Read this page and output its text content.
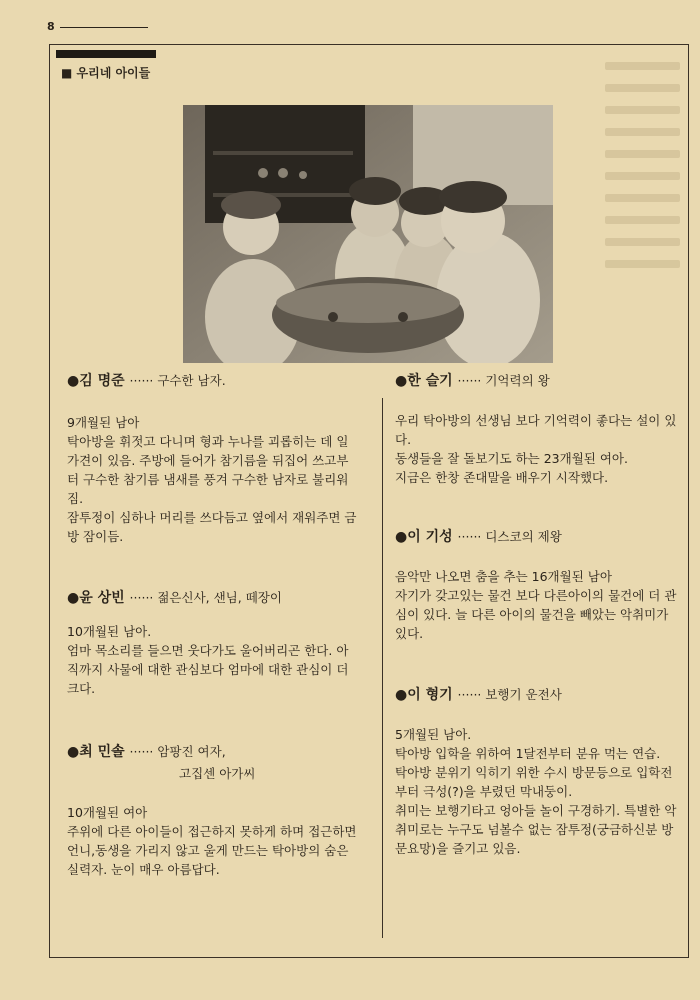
8
■ 우리네 아이들

●김 명준 ······ 구수한 남자.

9개월된 남아

탁아방을 휘젓고 다니며 형과 누나를 괴롭히는 데 일가견이 있음. 주방에 들어가 참기름을 뒤집어 쓰고부터 구수한 참기름 냄새를 풍겨 구수한 남자로 불리워짐.

잠투정이 심하나 머리를 쓰다듬고 옆에서 재워주면 금방 잠이듬.

●윤 상빈 ······ 젊은신사, 샌님, 떼장이

10개월된 남아.

엄마 목소리를 들으면 웃다가도 울어버리곤 한다. 아직까지 사물에 대한 관심보다 엄마에 대한 관심이 더 크다.

●최 민솔 ······ 암팡진 여자,
고집센 아가씨

10개월된 여아

주위에 다른 아이들이 접근하지 못하게 하며 접근하면 언니,동생을 가리지 않고 울게 만드는 탁아방의 숨은 실력자. 눈이 매우 아름답다.

●한 슬기 ······ 기억력의 왕

우리 탁아방의 선생님 보다 기억력이 좋다는 설이 있다.

동생들을 잘 돌보기도 하는 23개월된 여아.

지금은 한창 존대말을 배우기 시작했다.

●이 기성 ······ 디스코의 제왕

음악만 나오면 춤을 추는 16개월된 남아

자기가 갖고있는 물건 보다 다른아이의 물건에 더 관심이 있다. 늘 다른 아이의 물건을 빼았는 악취미가 있다.

●이 형기 ······ 보행기 운전사

5개월된 남아.

탁아방 입학을 위하여 1달전부터 분유 먹는 연습.

탁아방 분위기 익히기 위한 수시 방문등으로 입학전부터 극성(?)을 부렸던 막내둥이.

취미는 보행기타고 엉아들 놀이 구경하기. 특별한 악취미로는 누구도 넘볼수 없는 잠투정(궁금하신분 방문요망)을 즐기고 있음.
